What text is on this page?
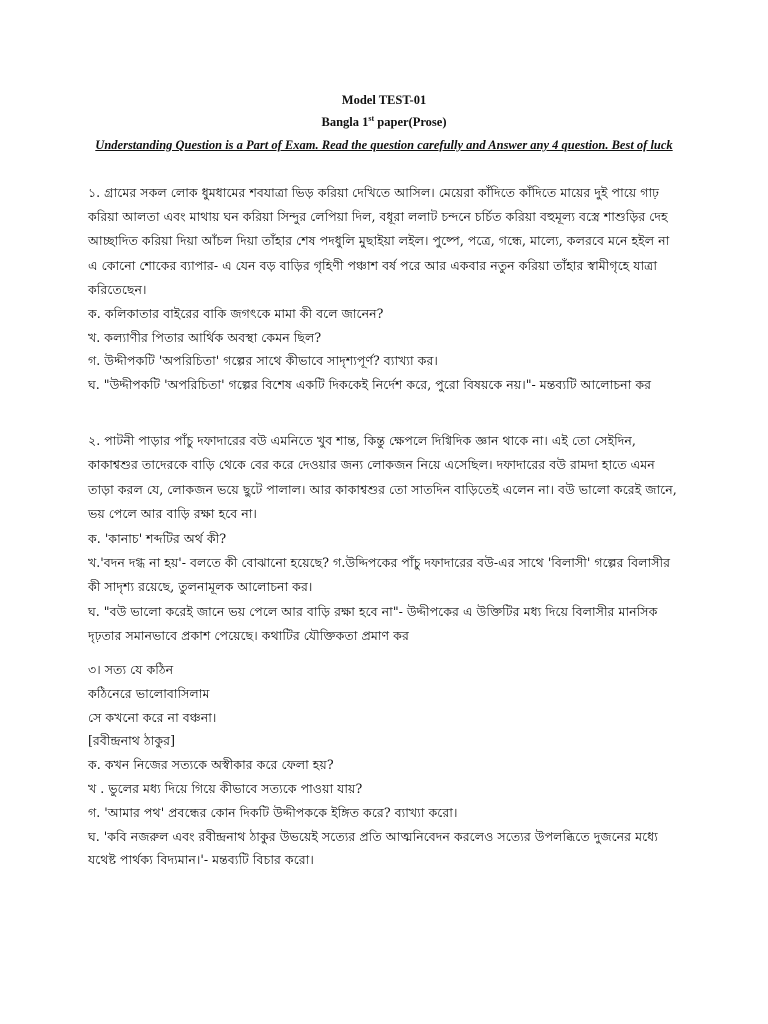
Model TEST-01
Bangla 1st paper(Prose)
Understanding Question is a Part of Exam. Read the question carefully and Answer any 4 question. Best of luck

১. গ্রামের সকল লোক ধুমধামের শবযাত্রা ভিড় করিয়া দেখিতে আসিল। মেয়েরা কাঁদিতে কাঁদিতে মায়ের দুই পায়ে গাঢ় করিয়া আলতা এবং মাথায় ঘন করিয়া সিন্দুর লেপিয়া দিল, বধূরা ললাট চন্দনে চর্চিত করিয়া বহুমূল্য বস্ত্রে শাশুড়ির দেহ আচ্ছাদিত করিয়া দিয়া আঁচল দিয়া তাঁহার শেষ পদধুলি মুছাইয়া লইল। পুষ্পে, পত্রে, গন্ধে, মাল্যে, কলরবে মনে হইল না এ কোনো শোকের ব্যাপার- এ যেন বড় বাড়ির গৃহিণী পঞ্চাশ বর্ষ পরে আর একবার নতুন করিয়া তাঁহার স্বামীগৃহে যাত্রা করিতেছেন।

ক. কলিকাতার বাইরের বাকি জগৎকে মামা কী বলে জানেন?

খ. কল্যাণীর পিতার আর্থিক অবস্থা কেমন ছিল?

গ. উদ্দীপকটি 'অপরিচিতা' গল্পের সাথে কীভাবে সাদৃশ্যপূর্ণ? ব্যাখ্যা কর।

ঘ. "উদ্দীপকটি 'অপরিচিতা' গল্পের বিশেষ একটি দিককেই নির্দেশ করে, পুরো বিষয়কে নয়।"- মন্তব্যটি আলোচনা কর

২. পাটনী পাড়ার পাঁচু দফাদারের বউ এমনিতে খুব শান্ত, কিন্তু ক্ষেপলে দিগ্বিদিক জ্ঞান থাকে না। এই তো সেইদিন, কাকাশ্বশুর তাদেরকে বাড়ি থেকে বের করে দেওয়ার জন্য লোকজন নিয়ে এসেছিল। দফাদারের বউ রামদা হাতে এমন তাড়া করল যে, লোকজন ভয়ে ছুটে পালাল। আর কাকাশ্বশুর তো সাতদিন বাড়িতেই এলেন না। বউ ভালো করেই জানে, ভয় পেলে আর বাড়ি রক্ষা হবে না।

ক. 'কানাচ' শব্দটির অর্থ কী?

খ.'বদন দগ্ধ না হয়'- বলতে কী বোঝানো হয়েছে? গ.উদ্দিপকের পাঁচু দফাদারের বউ-এর সাথে 'বিলাসী' গল্পের বিলাসীর কী সাদৃশ্য রয়েছে, তুলনামূলক আলোচনা কর।

ঘ. "বউ ভালো করেই জানে ভয় পেলে আর বাড়ি রক্ষা হবে না"- উদ্দীপকের এ উক্তিটির মধ্য দিয়ে বিলাসীর মানসিক দৃঢ়তার সমানভাবে প্রকাশ পেয়েছে। কথাটির যৌক্তিকতা প্রমাণ কর

৩। সত্য যে কঠিন

কঠিনেরে ভালোবাসিলাম

সে কখনো করে না বঞ্চনা।

[রবীন্দ্রনাথ ঠাকুর]

ক. কখন নিজের সত্যকে অস্বীকার করে ফেলা হয়?

খ . ভুলের মধ্য দিয়ে গিয়ে কীভাবে সত্যকে পাওয়া যায়?

গ. 'আমার পথ' প্রবন্ধের কোন দিকটি উদ্দীপককে ইঙ্গিত করে? ব্যাখ্যা করো।

ঘ. 'কবি নজরুল এবং রবীন্দ্রনাথ ঠাকুর উভয়েই সত্যের প্রতি আত্মনিবেদন করলেও সত্যের উপলব্ধিতে দুজনের মধ্যে যথেষ্ট পার্থক্য বিদ্যমান।'- মন্তব্যটি বিচার করো।
